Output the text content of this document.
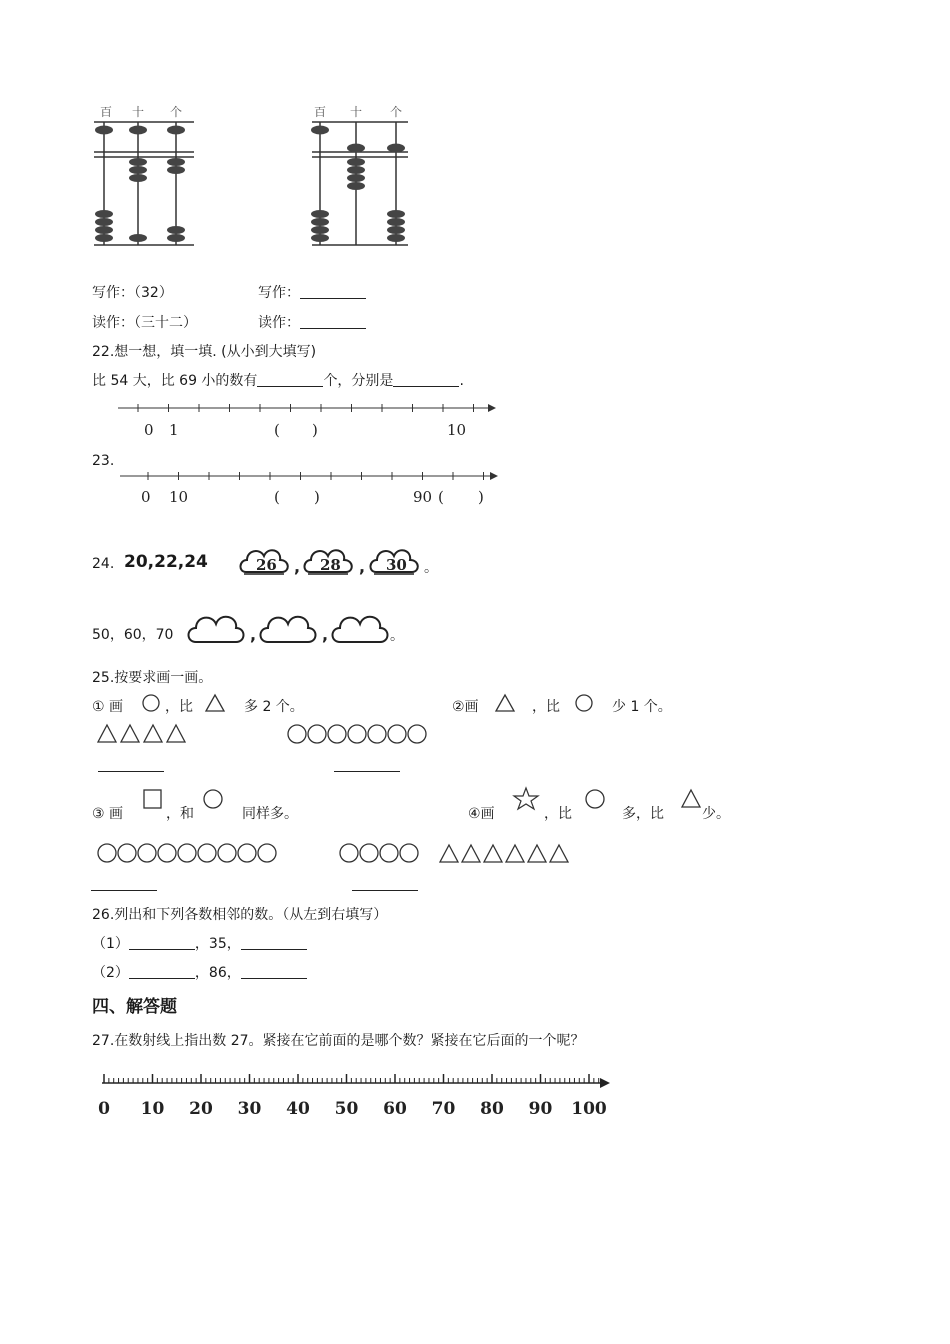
百 十 个	百 十 个
写作：（32）	写作：
读作：（三十二）	读作：
22.想一想，填一填. (从小到大填写)
比 54 大，比 69 小的数有	个，分别是	.
0 1	( )	10
23.
0 10	( )	90 ( )
24. 20,22,24	26 , 28 , 30 。
50，60，70	,	,	。
25.按要求画一画。
① 画	，比	多 2 个。	②画	，比	少 1 个。
③ 画	，和	同样多。	④画	，比	多，比	少。
26.列出和下列各数相邻的数。（从左到右填写）
（1）	，35，
（2）	，86，
四、解答题
27.在数射线上指出数 27。紧接在它前面的是哪个数？紧接在它后面的一个呢？
0 10 20 30 40 50 60 70 80 90 100
